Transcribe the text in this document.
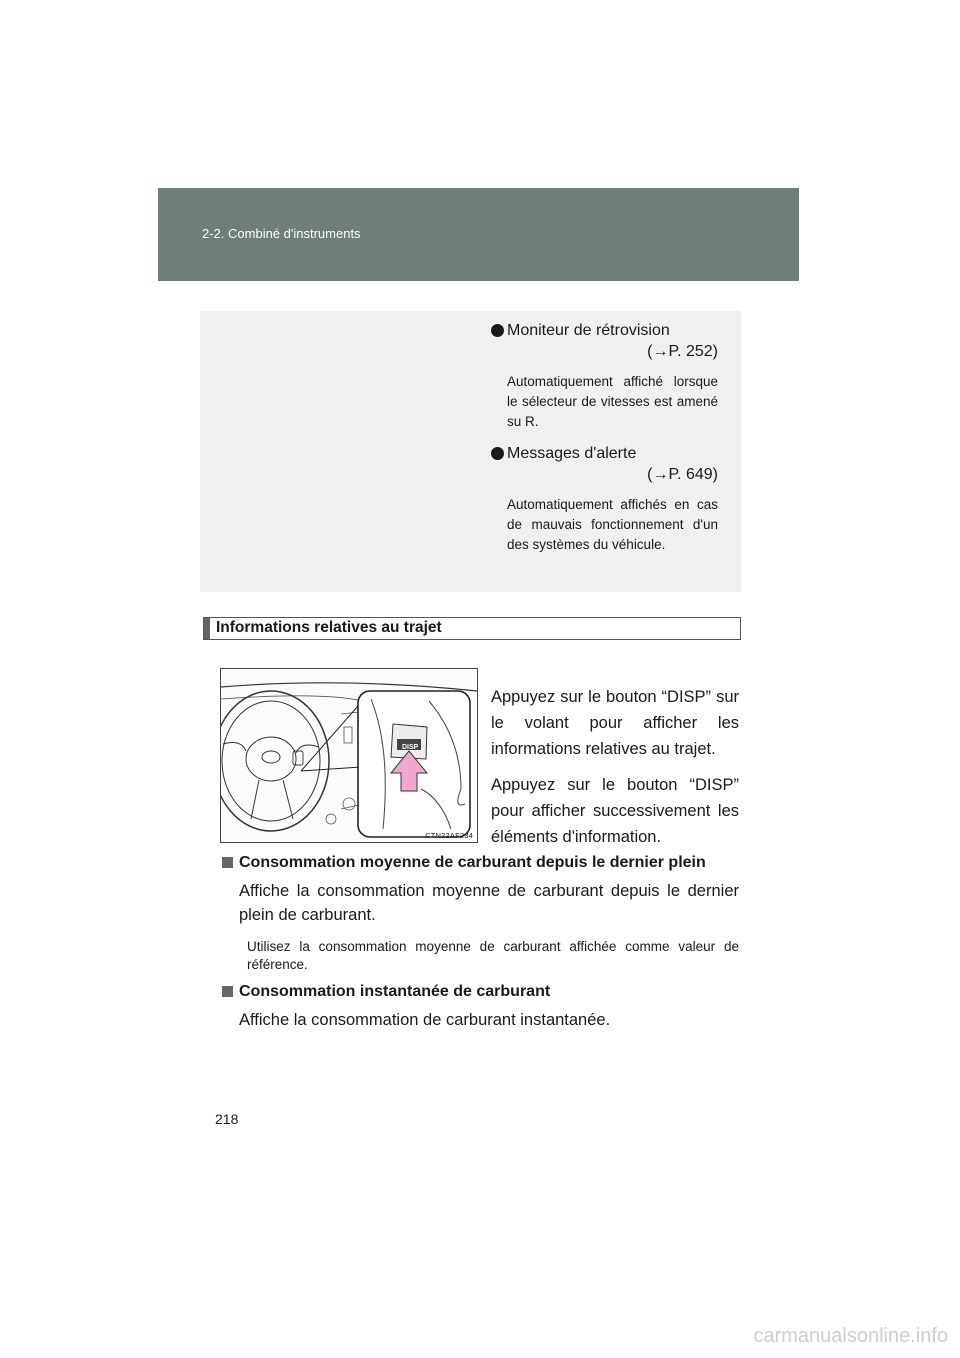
2-2. Combiné d'instruments
Moniteur de rétrovision
(→P. 252)
Automatiquement affiché lorsque le sélecteur de vitesses est amené su R.
Messages d'alerte
(→P. 649)
Automatiquement affichés en cas de mauvais fonctionnement d'un des systèmes du véhicule.
Informations relatives au trajet
DISP
CTN22AF234

Appuyez sur le bouton “DISP” sur le volant pour afficher les informations relatives au trajet.

Appuyez sur le bouton “DISP” pour afficher successivement les éléments d'information.

Consommation moyenne de carburant depuis le dernier plein
Affiche la consommation moyenne de carburant depuis le dernier plein de carburant.
Utilisez la consommation moyenne de carburant affichée comme valeur de référence.
Consommation instantanée de carburant
Affiche la consommation de carburant instantanée.
218
carmanualsonline.info
